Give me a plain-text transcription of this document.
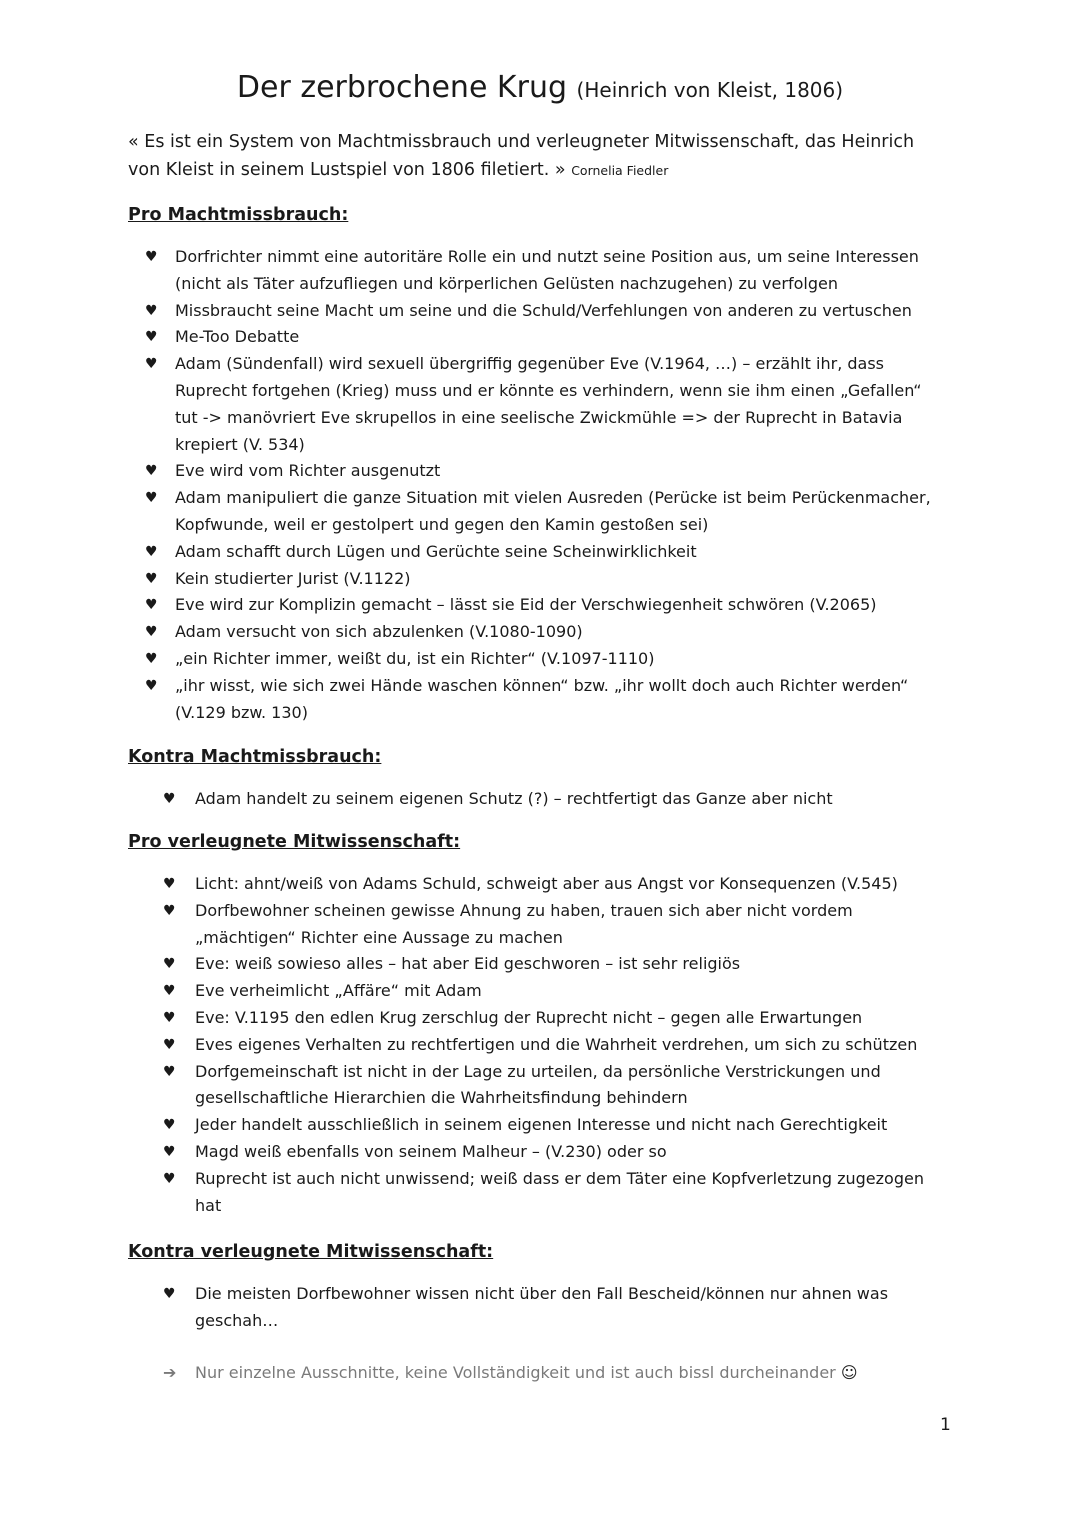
Der zerbrochene Krug (Heinrich von Kleist, 1806)
« Es ist ein System von Machtmissbrauch und verleugneter Mitwissenschaft, das Heinrich von Kleist in seinem Lustspiel von 1806 filetiert. » Cornelia Fiedler
Pro Machtmissbrauch:
♥ Dorfrichter nimmt eine autoritäre Rolle ein und nutzt seine Position aus, um seine Interessen (nicht als Täter aufzufliegen und körperlichen Gelüsten nachzugehen) zu verfolgen
♥ Missbraucht seine Macht um seine und die Schuld/Verfehlungen von anderen zu vertuschen
♥ Me-Too Debatte
♥ Adam (Sündenfall) wird sexuell übergriffig gegenüber Eve (V.1964, …) – erzählt ihr, dass Ruprecht fortgehen (Krieg) muss und er könnte es verhindern, wenn sie ihm einen „Gefallen“ tut -> manövriert Eve skrupellos in eine seelische Zwickmühle => der Ruprecht in Batavia krepiert (V. 534)
♥ Eve wird vom Richter ausgenutzt
♥ Adam manipuliert die ganze Situation mit vielen Ausreden (Perücke ist beim Perückenmacher, Kopfwunde, weil er gestolpert und gegen den Kamin gestoßen sei)
♥ Adam schafft durch Lügen und Gerüchte seine Scheinwirklichkeit
♥ Kein studierter Jurist (V.1122)
♥ Eve wird zur Komplizin gemacht – lässt sie Eid der Verschwiegenheit schwören (V.2065)
♥ Adam versucht von sich abzulenken (V.1080-1090)
♥ „ein Richter immer, weißt du, ist ein Richter“ (V.1097-1110)
♥ „ihr wisst, wie sich zwei Hände waschen können“ bzw. „ihr wollt doch auch Richter werden“ (V.129 bzw. 130)
Kontra Machtmissbrauch:
♥ Adam handelt zu seinem eigenen Schutz (?) – rechtfertigt das Ganze aber nicht
Pro verleugnete Mitwissenschaft:
♥ Licht: ahnt/weiß von Adams Schuld, schweigt aber aus Angst vor Konsequenzen (V.545)
♥ Dorfbewohner scheinen gewisse Ahnung zu haben, trauen sich aber nicht vordem „mächtigen“ Richter eine Aussage zu machen
♥ Eve: weiß sowieso alles – hat aber Eid geschworen – ist sehr religiös
♥ Eve verheimlicht „Affäre“ mit Adam
♥ Eve: V.1195 den edlen Krug zerschlug der Ruprecht nicht – gegen alle Erwartungen
♥ Eves eigenes Verhalten zu rechtfertigen und die Wahrheit verdrehen, um sich zu schützen
♥ Dorfgemeinschaft ist nicht in der Lage zu urteilen, da persönliche Verstrickungen und gesellschaftliche Hierarchien die Wahrheitsfindung behindern
♥ Jeder handelt ausschließlich in seinem eigenen Interesse und nicht nach Gerechtigkeit
♥ Magd weiß ebenfalls von seinem Malheur – (V.230) oder so
♥ Ruprecht ist auch nicht unwissend; weiß dass er dem Täter eine Kopfverletzung zugezogen hat
Kontra verleugnete Mitwissenschaft:
♥ Die meisten Dorfbewohner wissen nicht über den Fall Bescheid/können nur ahnen was geschah…
➔ Nur einzelne Ausschnitte, keine Vollständigkeit und ist auch bissl durcheinander ☺
1
